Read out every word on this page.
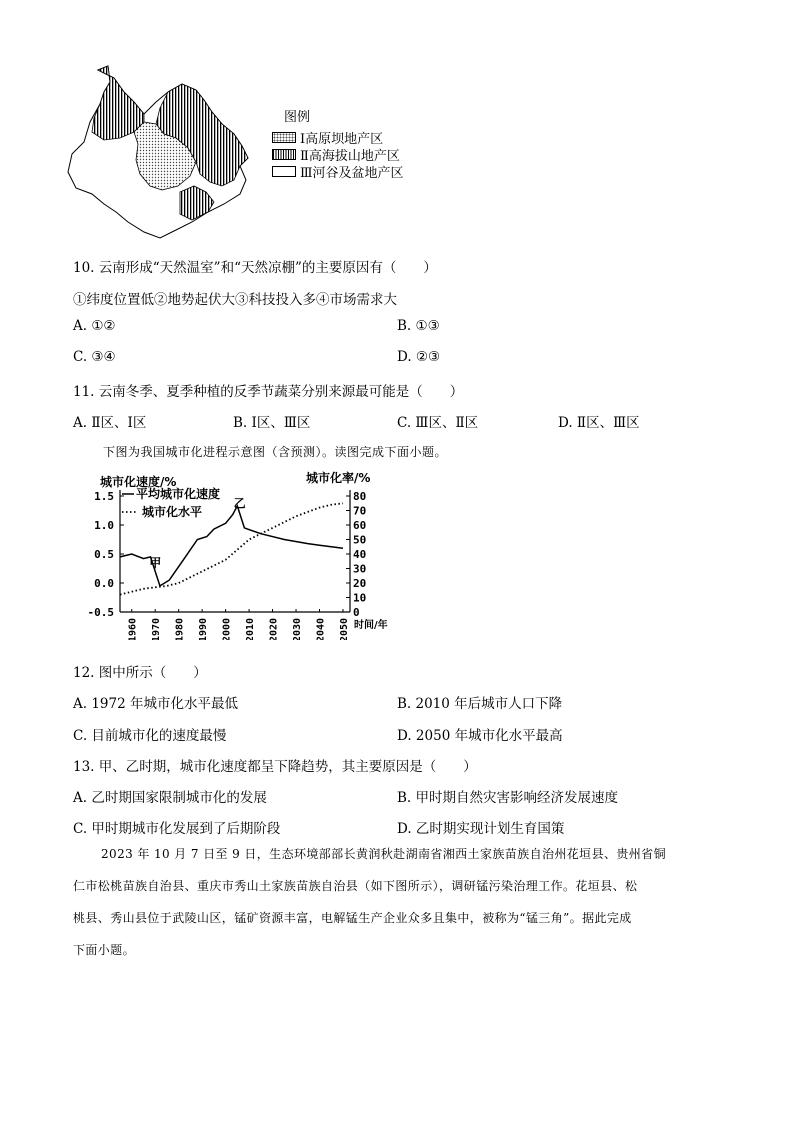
图例
Ⅰ高原坝地产区
Ⅱ高海拔山地产区
Ⅲ河谷及盆地产区
10. 云南形成“天然温室”和“天然凉棚”的主要原因有（　　）
①纬度位置低②地势起伏大③科技投入多④市场需求大
A. ①②	B. ①③
C. ③④	D. ②③
11. 云南冬季、夏季种植的反季节蔬菜分别来源最可能是（　　）
A. Ⅱ区、Ⅰ区	B. Ⅰ区、Ⅲ区	C. Ⅲ区、Ⅱ区	D. Ⅱ区、Ⅲ区
下图为我国城市化进程示意图（含预测）。读图完成下面小题。
城市化速度/%	城市化率/%
1.5
1.0
0.5
0.0
-0.5
80
70
60
50
40
30
20
10
0
1960 1970 1980 1990 2000 2010 2020 2030 2040 2050 时间/年
平均城市化速度
城市化水平
甲
乙
12. 图中所示（　　）
A. 1972 年城市化水平最低	B. 2010 年后城市人口下降
C. 目前城市化的速度最慢	D. 2050 年城市化水平最高
13. 甲、乙时期，城市化速度都呈下降趋势，其主要原因是（　　）
A. 乙时期国家限制城市化的发展	B. 甲时期自然灾害影响经济发展速度
C. 甲时期城市化发展到了后期阶段	D. 乙时期实现计划生育国策
2023 年 10 月 7 日至 9 日，生态环境部部长黄润秋赴湖南省湘西土家族苗族自治州花垣县、贵州省铜
仁市松桃苗族自治县、重庆市秀山土家族苗族自治县（如下图所示），调研锰污染治理工作。花垣县、松
桃县、秀山县位于武陵山区，锰矿资源丰富，电解锰生产企业众多且集中，被称为“锰三角”。据此完成
下面小题。
